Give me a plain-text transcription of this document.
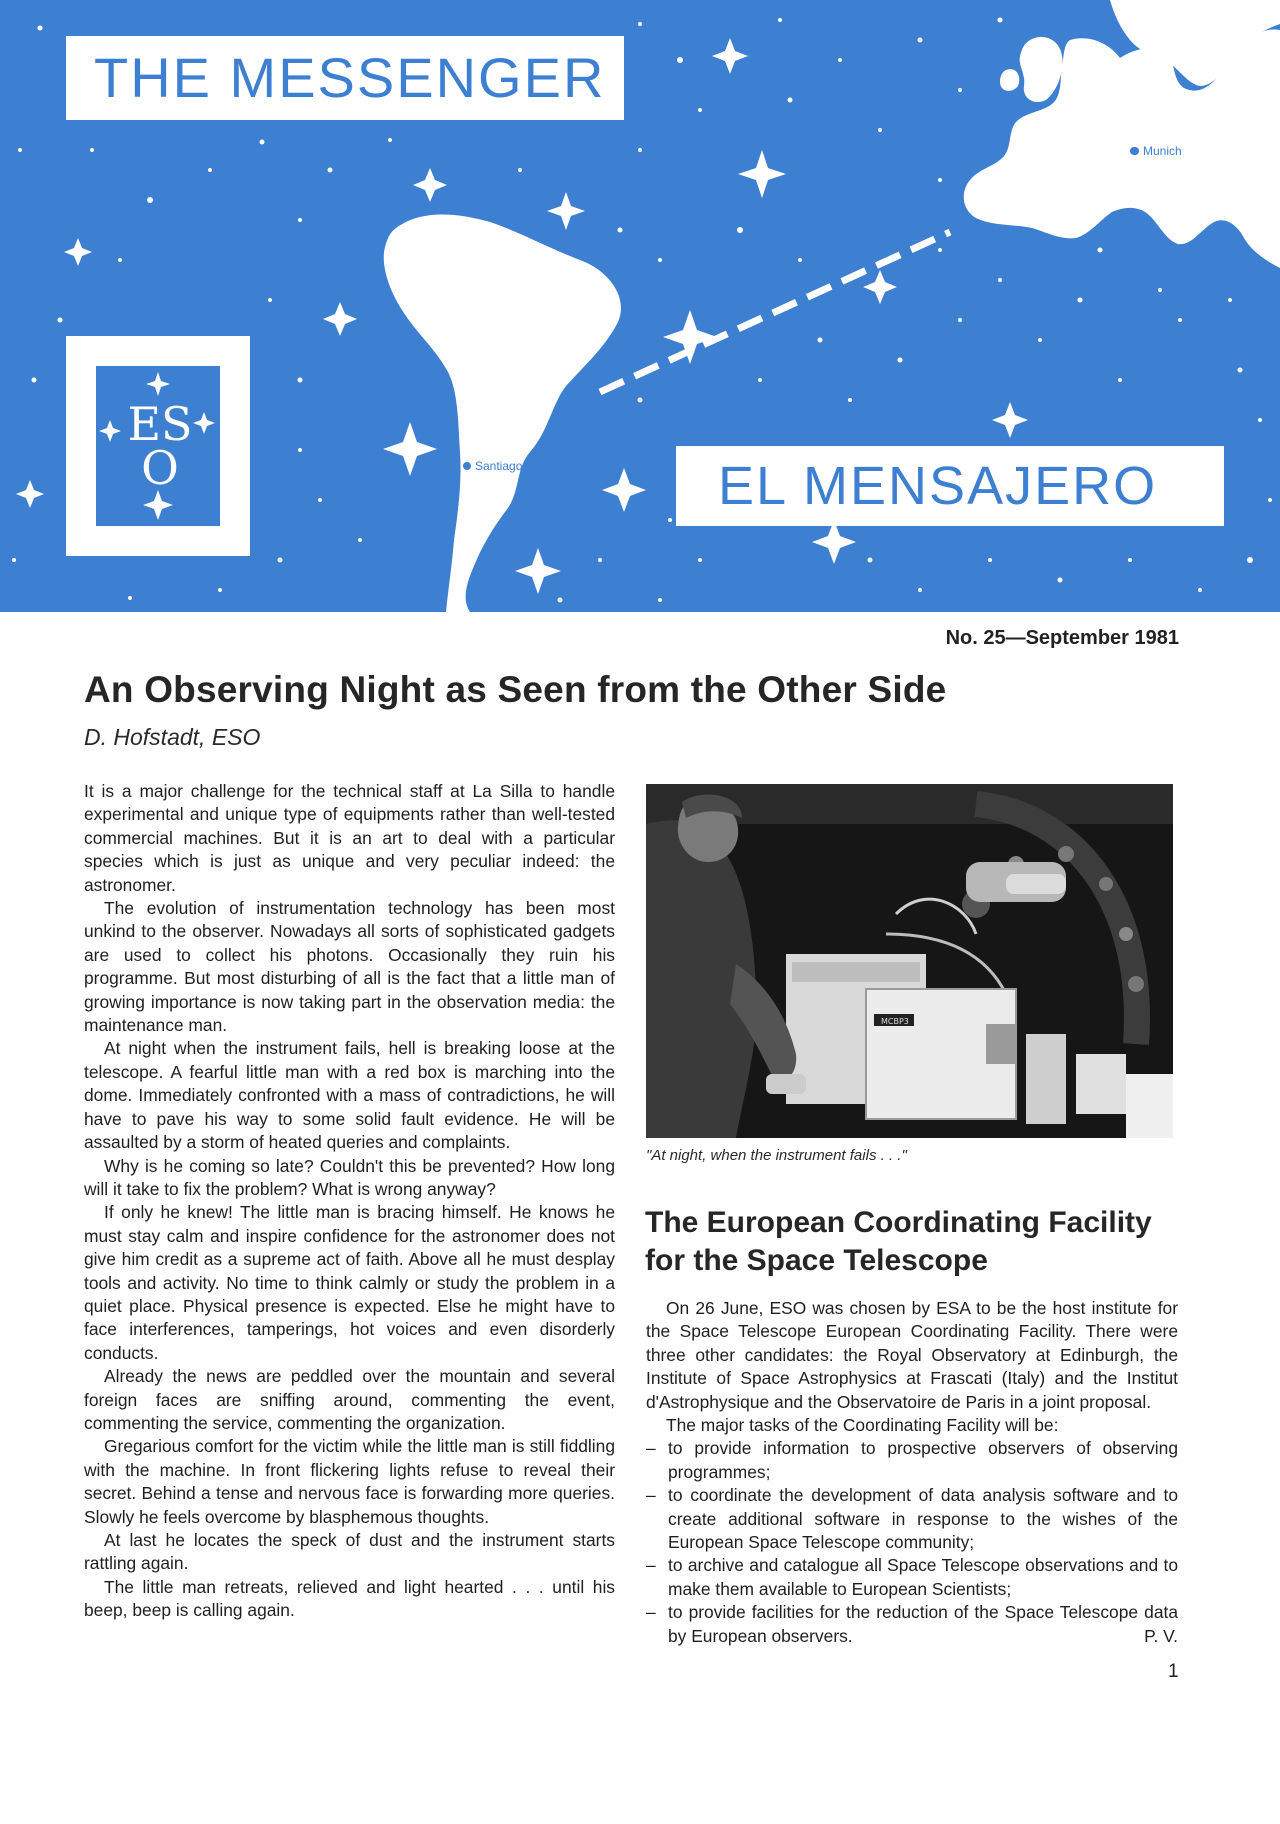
THE MESSENGER
EL MENSAJERO
ES
O
Munich
La Silla
La Serena
Santiago
No. 25—September 1981
An Observing Night as Seen from the Other Side
D. Hofstadt, ESO

It is a major challenge for the technical staff at La Silla to handle experimental and unique type of equipments rather than well-tested commercial machines. But it is an art to deal with a particular species which is just as unique and very peculiar indeed: the astronomer.

The evolution of instrumentation technology has been most unkind to the observer. Nowadays all sorts of sophisticated gadgets are used to collect his photons. Occasionally they ruin his programme. But most disturbing of all is the fact that a little man of growing importance is now taking part in the observation media: the maintenance man.

At night when the instrument fails, hell is breaking loose at the telescope. A fearful little man with a red box is marching into the dome. Immediately confronted with a mass of contradictions, he will have to pave his way to some solid fault evidence. He will be assaulted by a storm of heated queries and complaints.

Why is he coming so late? Couldn't this be prevented? How long will it take to fix the problem? What is wrong anyway?

If only he knew! The little man is bracing himself. He knows he must stay calm and inspire confidence for the astronomer does not give him credit as a supreme act of faith. Above all he must desplay tools and activity. No time to think calmly or study the problem in a quiet place. Physical presence is expected. Else he might have to face interferences, tamperings, hot voices and even disorderly conducts.

Already the news are peddled over the mountain and several foreign faces are sniffing around, commenting the event, commenting the service, commenting the organization.

Gregarious comfort for the victim while the little man is still fiddling with the machine. In front flickering lights refuse to reveal their secret. Behind a tense and nervous face is forwarding more queries. Slowly he feels overcome by blasphemous thoughts.

At last he locates the speck of dust and the instrument starts rattling again.

The little man retreats, relieved and light hearted . . . until his beep, beep is calling again.

MCBP3
"At night, when the instrument fails . . ."
The European Coordinating Facility for the Space Telescope

On 26 June, ESO was chosen by ESA to be the host institute for the Space Telescope European Coordinating Facility. There were three other candidates: the Royal Observatory at Edinburgh, the Institute of Space Astrophysics at Frascati (Italy) and the Institut d'Astrophysique and the Observatoire de Paris in a joint proposal.

The major tasks of the Coordinating Facility will be:

– to provide information to prospective observers of observing programmes;
– to coordinate the development of data analysis software and to create additional software in response to the wishes of the European Space Telescope community;
– to archive and catalogue all Space Telescope observations and to make them available to European Scientists;
– to provide facilities for the reduction of the Space Telescope data by European observers.	P. V.
1
